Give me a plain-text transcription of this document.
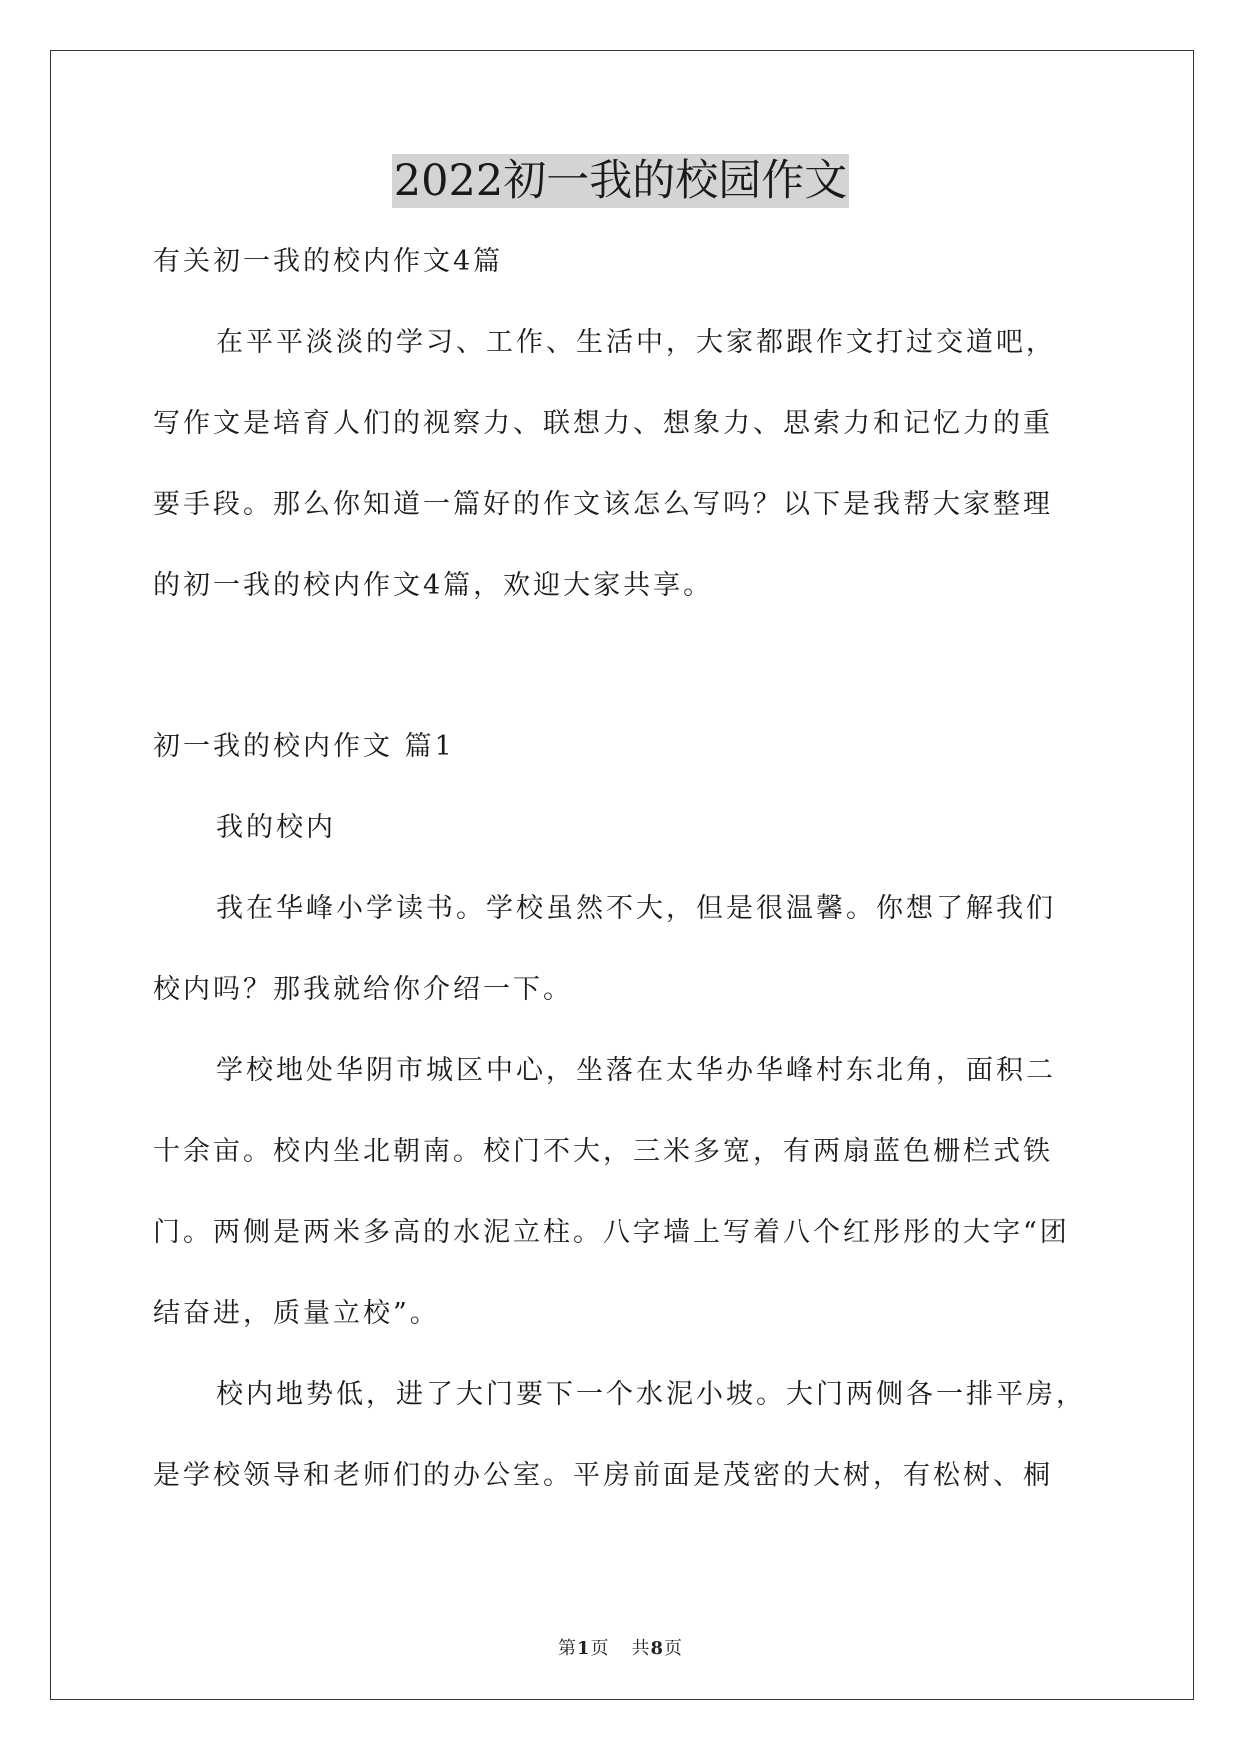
2022初一我的校园作文
有关初一我的校内作文4篇
在平平淡淡的学习、工作、生活中，大家都跟作文打过交道吧，
写作文是培育人们的视察力、联想力、想象力、思索力和记忆力的重
要手段。那么你知道一篇好的作文该怎么写吗？以下是我帮大家整理
的初一我的校内作文4篇，欢迎大家共享。
初一我的校内作文 篇1
我的校内
我在华峰小学读书。学校虽然不大，但是很温馨。你想了解我们
校内吗？那我就给你介绍一下。
学校地处华阴市城区中心，坐落在太华办华峰村东北角，面积二
十余亩。校内坐北朝南。校门不大，三米多宽，有两扇蓝色栅栏式铁
门。两侧是两米多高的水泥立柱。八字墙上写着八个红彤彤的大字“团
结奋进，质量立校”。
校内地势低，进了大门要下一个水泥小坡。大门两侧各一排平房，
是学校领导和老师们的办公室。平房前面是茂密的大树，有松树、桐
第1页 共8页
